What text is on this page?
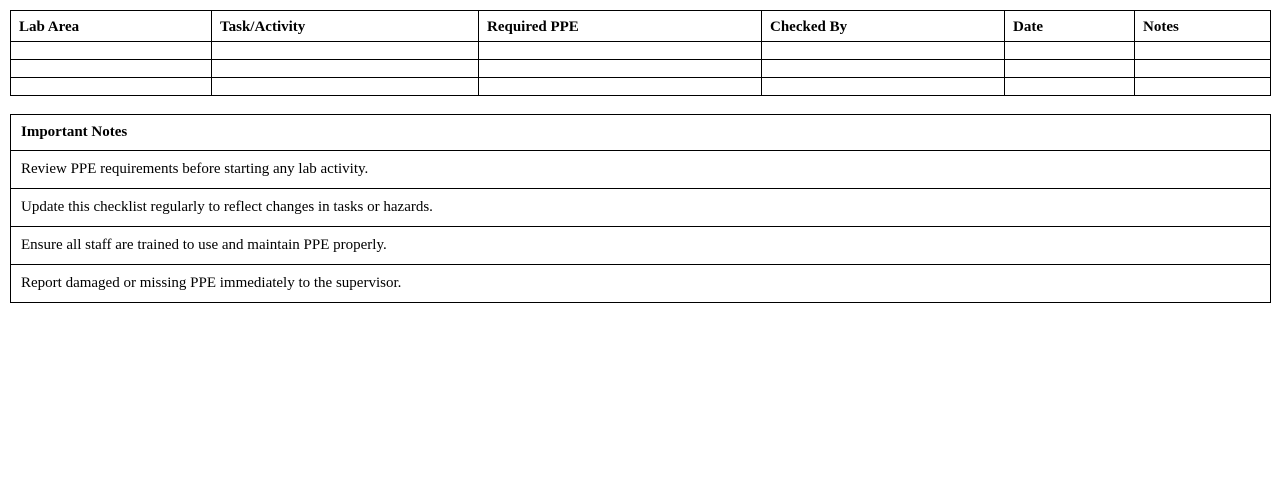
Lab Area	Task/Activity	Required PPE	Checked By	Date	Notes

Important Notes
Review PPE requirements before starting any lab activity.
Update this checklist regularly to reflect changes in tasks or hazards.
Ensure all staff are trained to use and maintain PPE properly.
Report damaged or missing PPE immediately to the supervisor.
